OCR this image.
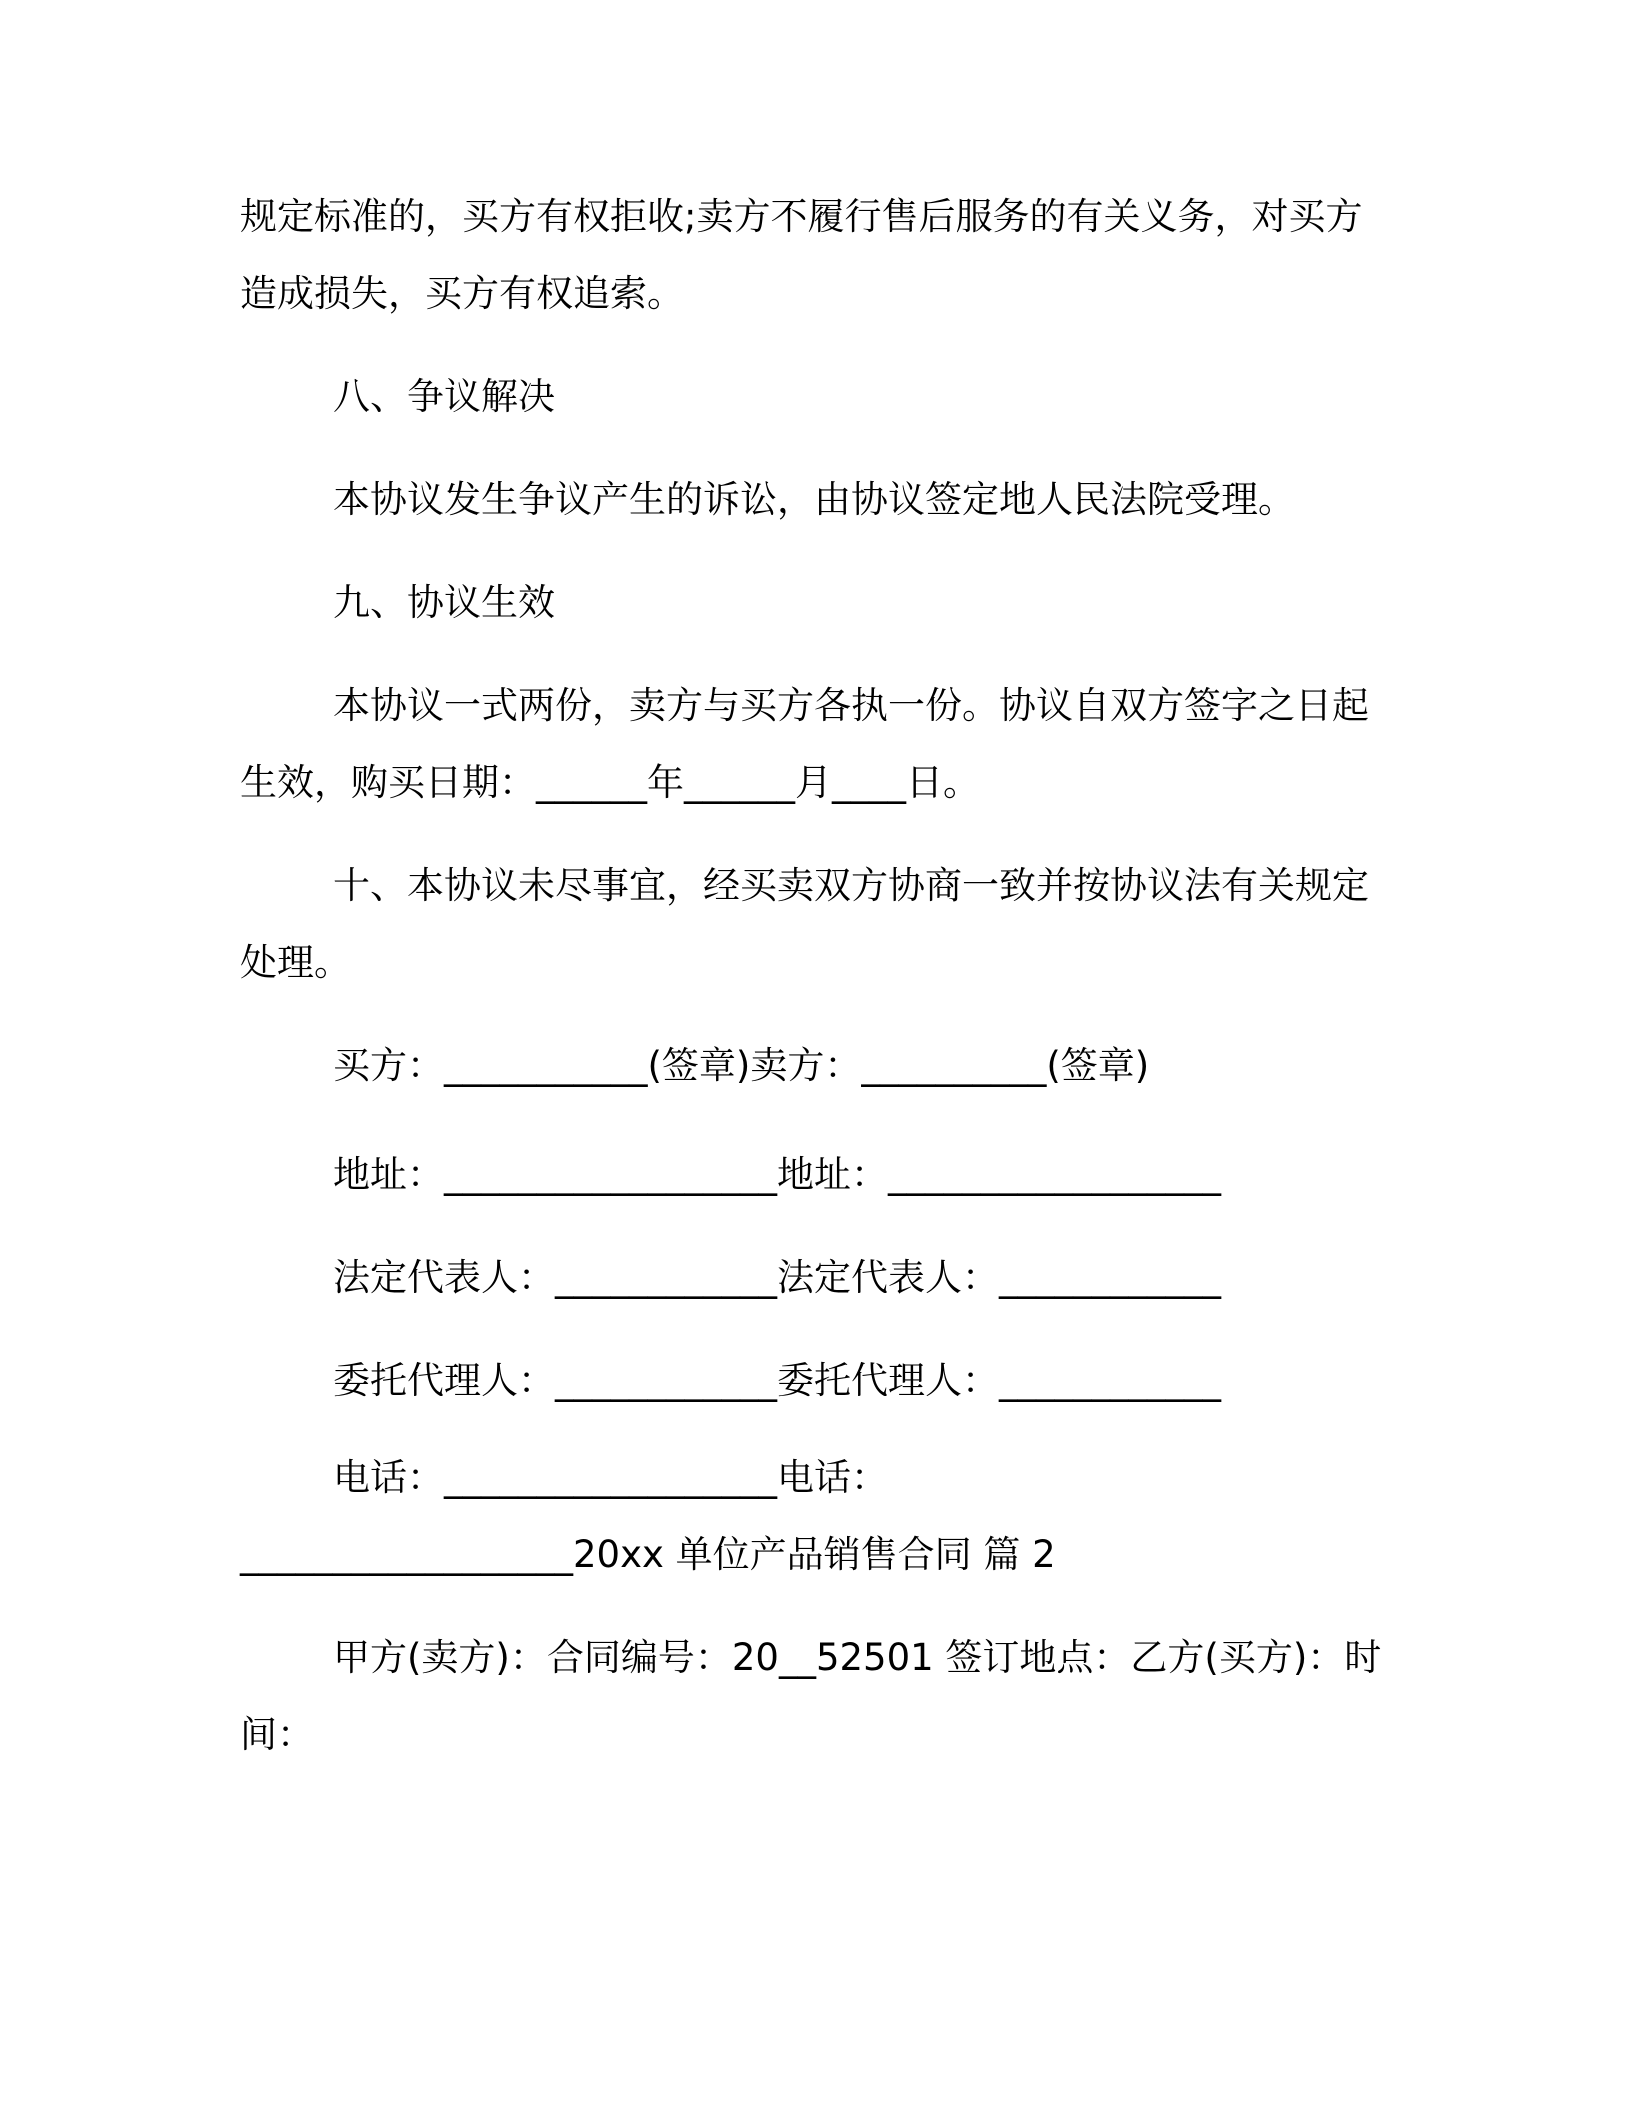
规定标准的，买方有权拒收;卖方不履行售后服务的有关义务，对买方
造成损失，买方有权追索。
八、争议解决
本协议发生争议产生的诉讼，由协议签定地人民法院受理。
九、协议生效
本协议一式两份，卖方与买方各执一份。协议自双方签字之日起
生效，购买日期：______年______月____日。
十、本协议未尽事宜，经买卖双方协商一致并按协议法有关规定
处理。
买方：___________(签章)卖方：__________(签章)
地址：__________________地址：__________________
法定代表人：____________法定代表人：____________
委托代理人：____________委托代理人：____________
电话：__________________电话：
__________________20xx 单位产品销售合同 篇 2
甲方(卖方)：合同编号：20__52501 签订地点：乙方(买方)：时
间：
